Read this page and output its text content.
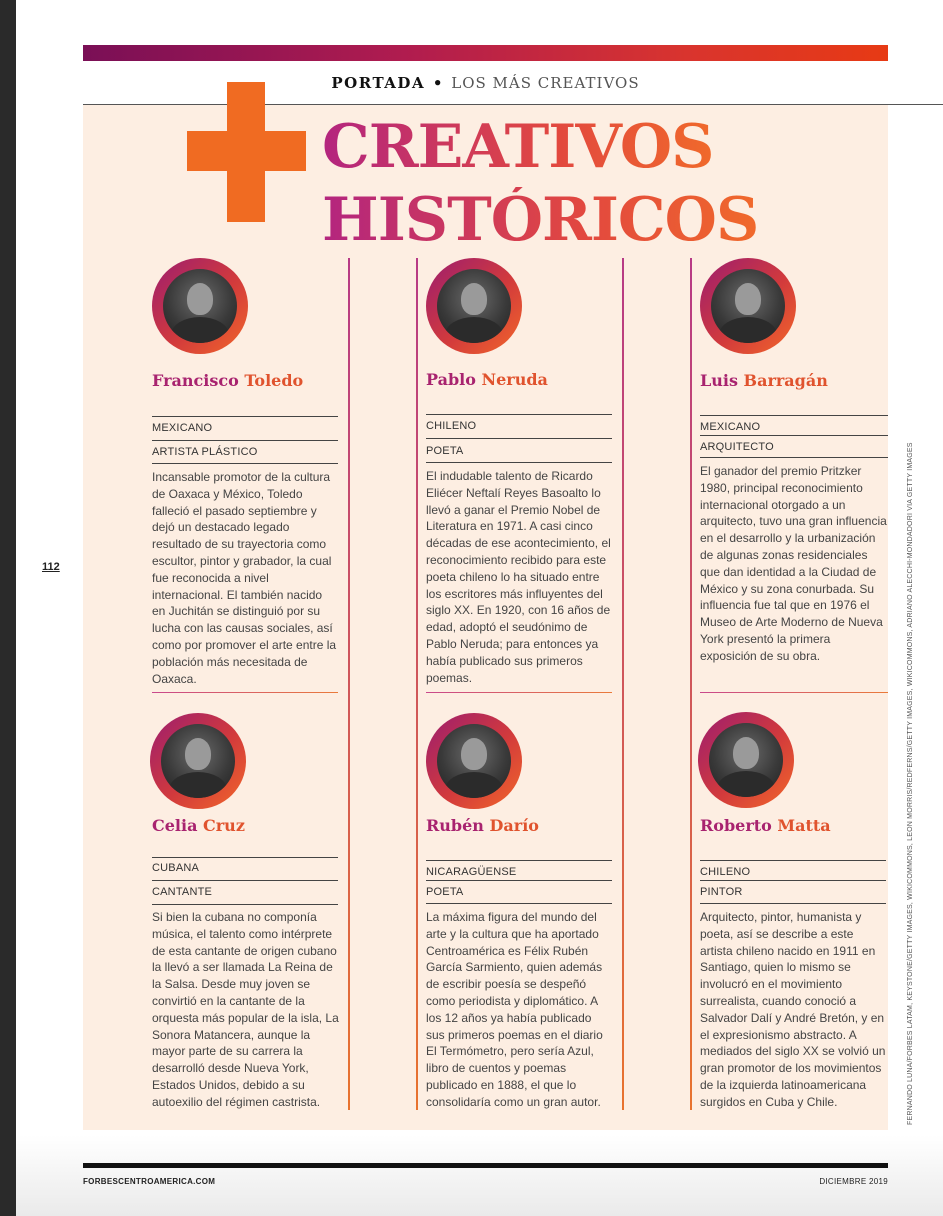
PORTADA • LOS MÁS CREATIVOS
CREATIVOS
HISTÓRICOS
Francisco Toledo
MEXICANO
ARTISTA PLÁSTICO
Incansable promotor de la cultura de Oaxaca y México, Toledo falleció el pasado septiembre y dejó un destacado legado resultado de su trayectoria como escultor, pintor y grabador, la cual fue reconocida a nivel internacional. El también nacido en Juchitán se distinguió por su lucha con las causas sociales, así como por promover el arte entre la población más necesitada de Oaxaca.
Pablo Neruda
CHILENO
POETA
El indudable talento de Ricardo Eliécer Neftalí Reyes Basoalto lo llevó a ganar el Premio Nobel de Literatura en 1971. A casi cinco décadas de ese acontecimiento, el reconocimiento recibido para este poeta chileno lo ha situado entre los escritores más influyentes del siglo XX. En 1920, con 16 años de edad, adoptó el seudónimo de Pablo Neruda; para entonces ya había publicado sus primeros poemas.
Luis Barragán
MEXICANO
ARQUITECTO
El ganador del premio Pritzker 1980, principal reconocimiento internacional otorgado a un arquitecto, tuvo una gran influencia en el desarrollo y la urbanización de algunas zonas residenciales que dan identidad a la Ciudad de México y su zona conurbada. Su influencia fue tal que en 1976 el Museo de Arte Moderno de Nueva York presentó la primera exposición de su obra.
Celia Cruz
CUBANA
CANTANTE
Si bien la cubana no componía música, el talento como intérprete de esta cantante de origen cubano la llevó a ser llamada La Reina de la Salsa. Desde muy joven se convirtió en la cantante de la orquesta más popular de la isla, La Sonora Matancera, aunque la mayor parte de su carrera la desarrolló desde Nueva York, Estados Unidos, debido a su autoexilio del régimen castrista.
Rubén Darío
NICARAGÜENSE
POETA
La máxima figura del mundo del arte y la cultura que ha aportado Centroamérica es Félix Rubén García Sarmiento, quien además de escribir poesía se despeñó como periodista y diplomático. A los 12 años ya había publicado sus primeros poemas en el diario El Termómetro, pero sería Azul, libro de cuentos y poemas publicado en 1888, el que lo consolidaría como un gran autor.
Roberto Matta
CHILENO
PINTOR
Arquitecto, pintor, humanista y poeta, así se describe a este artista chileno nacido en 1911 en Santiago, quien lo mismo se involucró en el movimiento surrealista, cuando conoció a Salvador Dalí y André Bretón, y en el expresionismo abstracto. A mediados del siglo XX se volvió un gran promotor de los movimientos de la izquierda latinoamericana surgidos en Cuba y Chile.
112	FERNANDO LUNA/FORBES LATAM, KEYSTONE/GETTY IMAGES, WIKICOMMONS, LEON MORRIS/REDFERNS/GETTY IMAGES, WIKICOMMONS, ADRIANO ALECCHI-MONDADORI VIA GETTY IMAGES
FORBESCENTROAMERICA.COM	DICIEMBRE 2019
